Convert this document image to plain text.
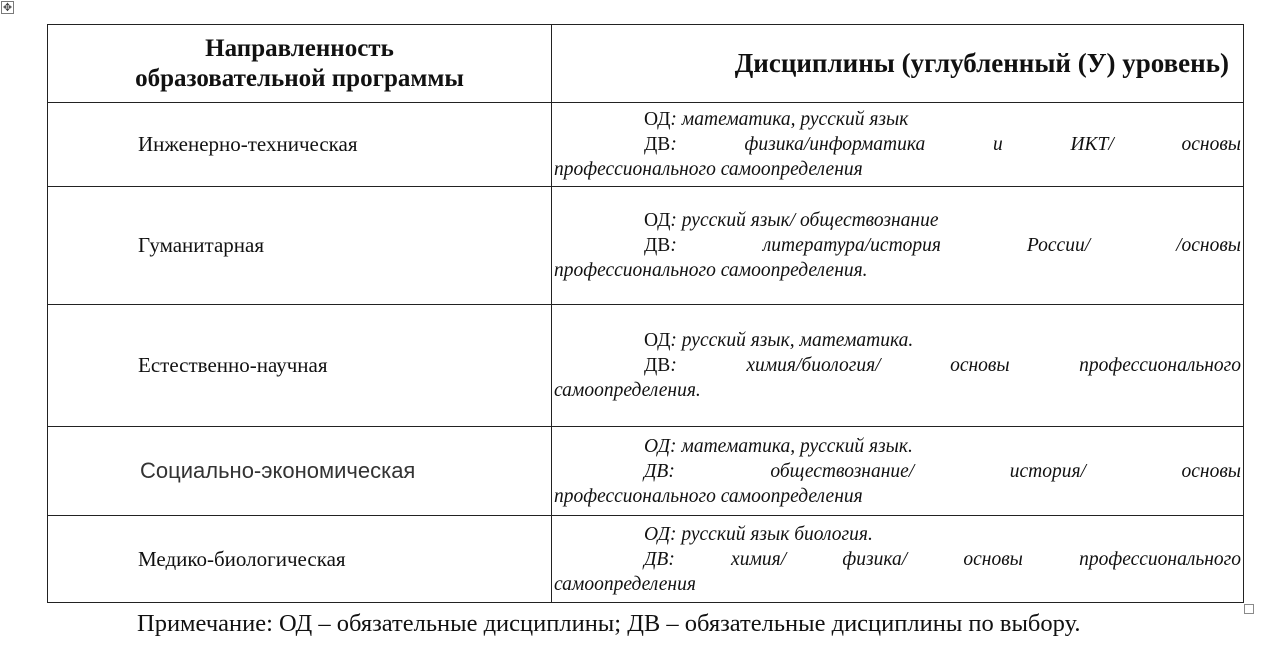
✥
Направленность
образовательной программы	Дисциплины (углубленный (У) уровень)
Инженерно-техническая	ОД: математика, русский язык
ДВ: физика/информатика и ИКТ/ основы
профессионального самоопределения

Гуманитарная	ОД: русский язык/ обществознание
ДВ: литература/история России/ /основы
профессионального самоопределения.

Естественно-научная	ОД: русский язык, математика.
ДВ: химия/биология/ основы профессионального
самоопределения.

Социально-экономическая	ОД: математика, русский язык.
ДВ: обществознание/ история/ основы
профессионального самоопределения

Медико-биологическая	ОД: русский язык биология.
ДВ: химия/ физика/ основы профессионального
самоопределения
Примечание: ОД – обязательные дисциплины; ДВ – обязательные дисциплины по выбору.
